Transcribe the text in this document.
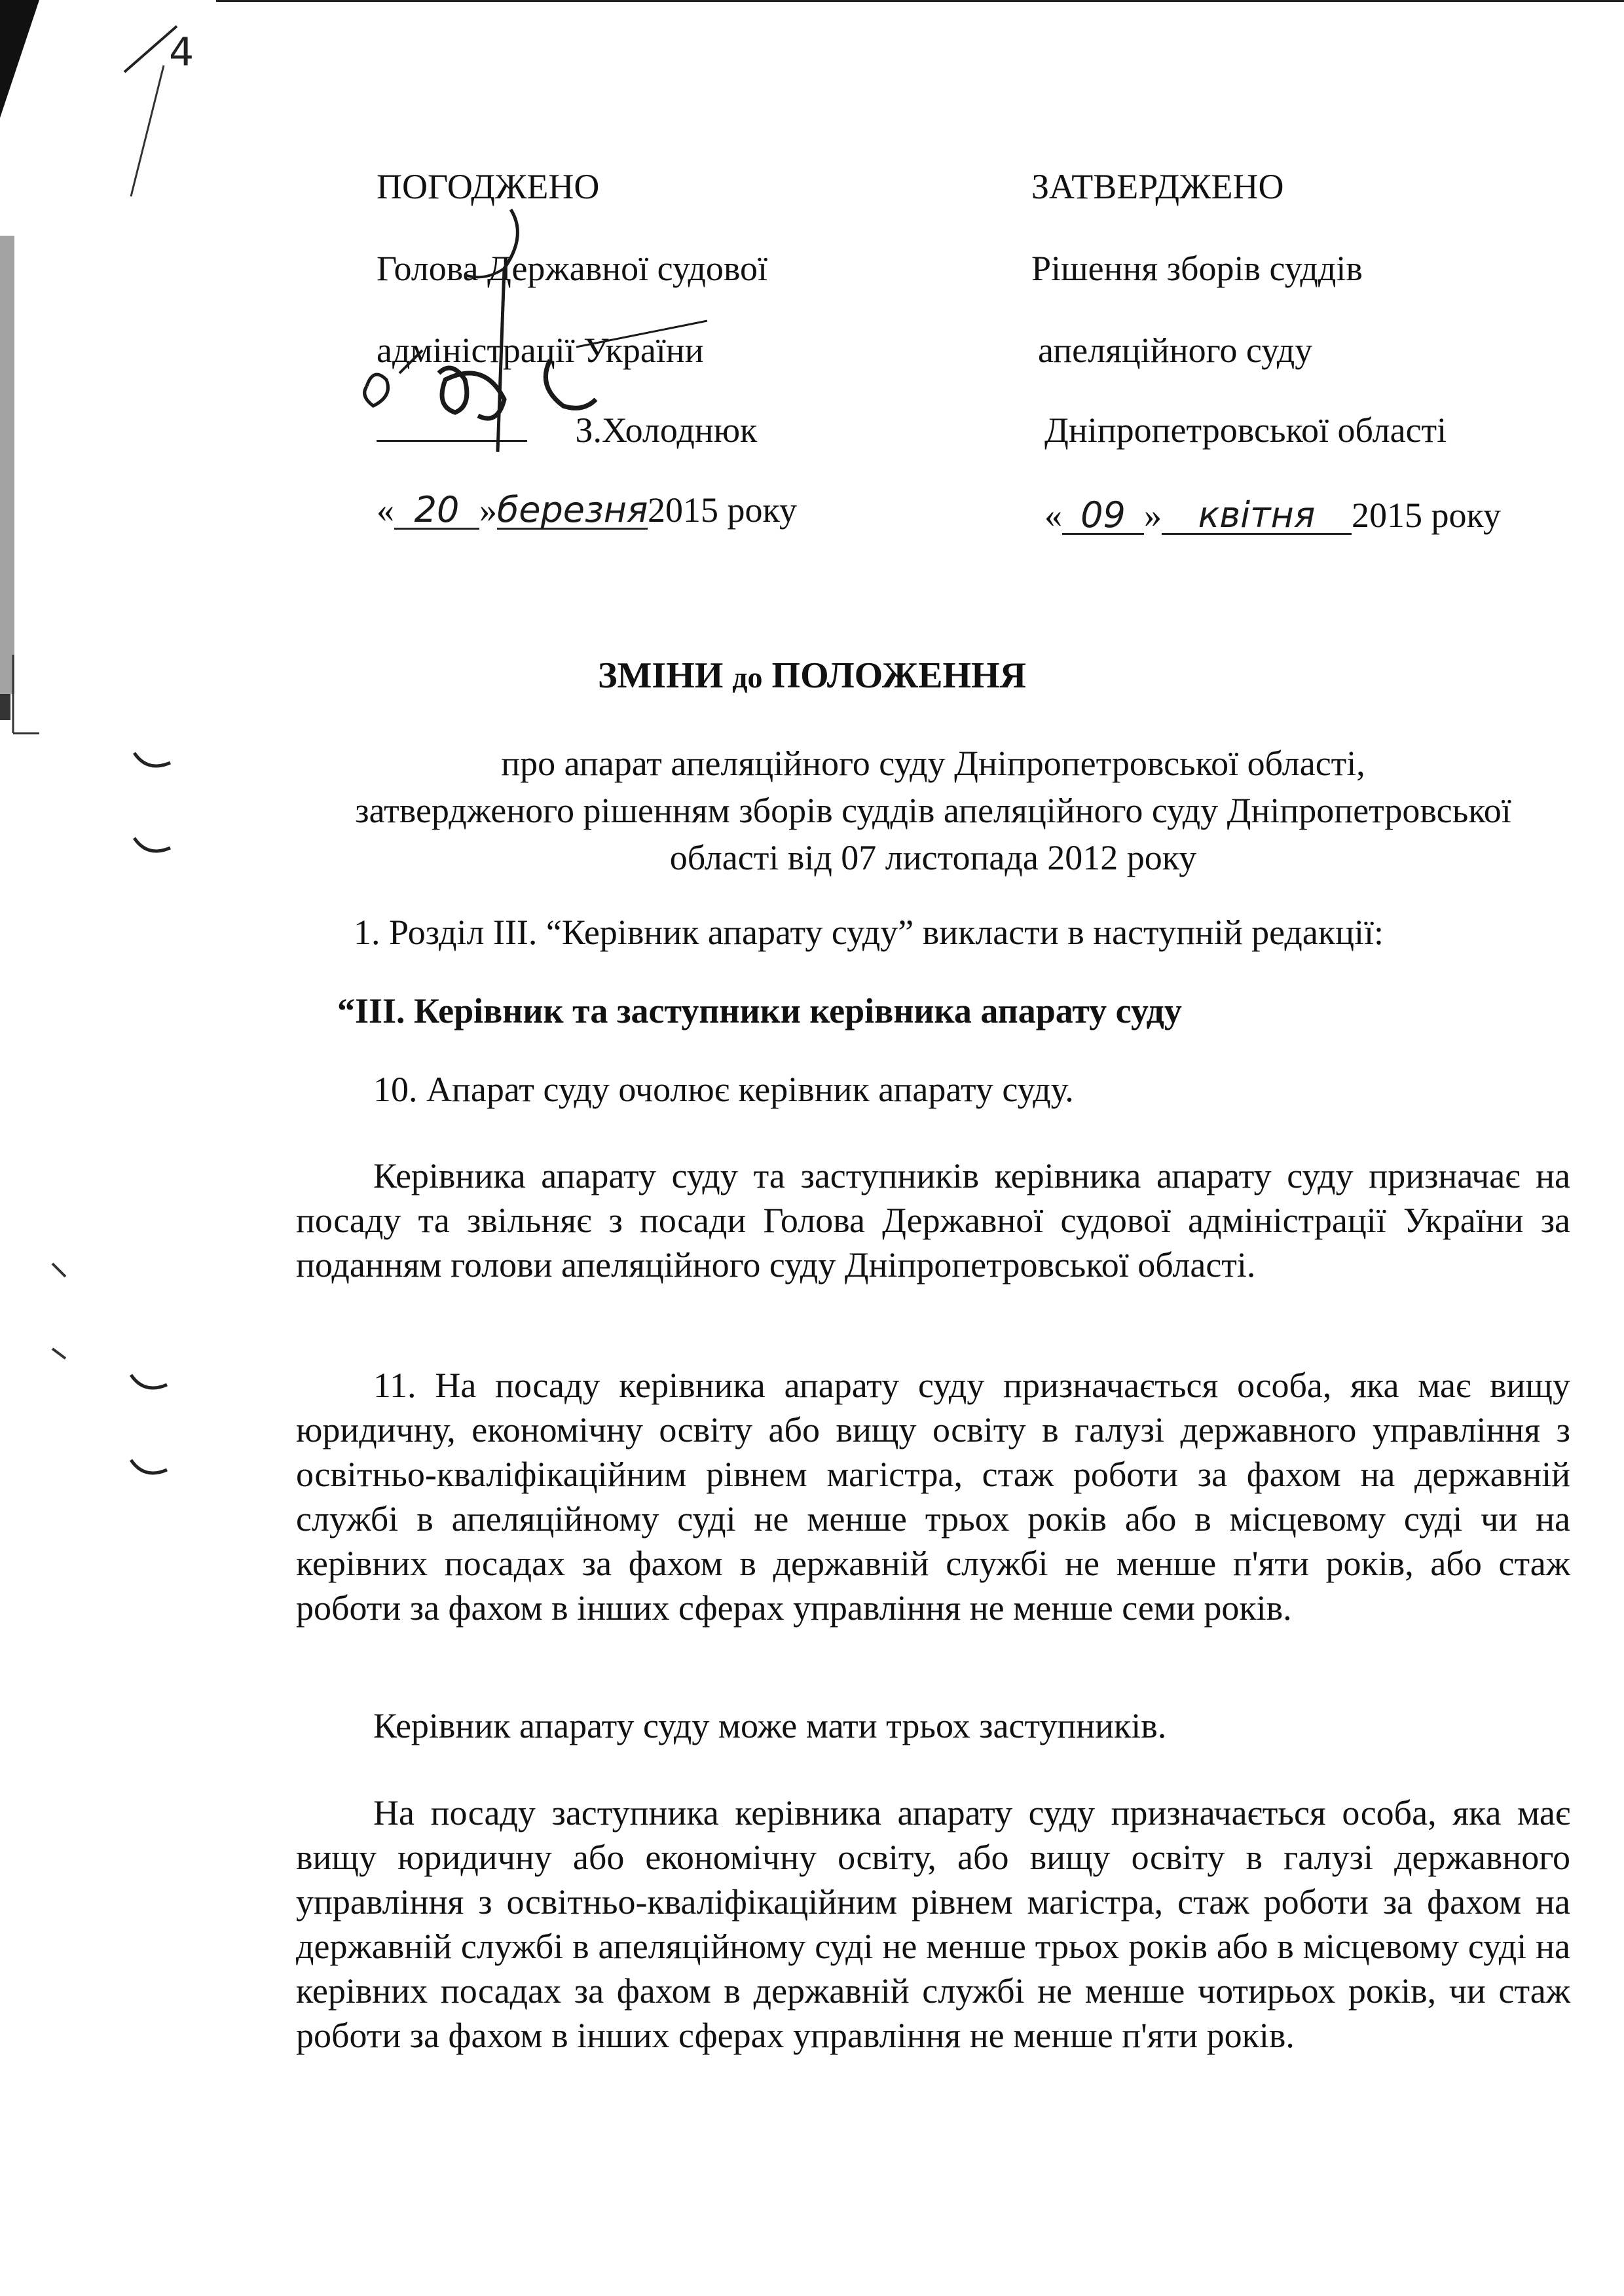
4
ПОГОДЖЕНО
Голова Державної судової
адміністрації України
З.Холоднюк
« 20 »березня2015 року
ЗАТВЕРДЖЕНО
Рішення зборів суддів
апеляційного суду
Дніпропетровської області
« 09 » квітня 2015 року
ЗМІНИ до ПОЛОЖЕННЯ
про апарат апеляційного суду Дніпропетровської області,
затвердженого рішенням зборів суддів апеляційного суду Дніпропетровської
області від 07 листопада 2012 року
1. Розділ III. “Керівник апарату суду” викласти в наступній редакції:
“III. Керівник та заступники керівника апарату суду
10. Апарат суду очолює керівник апарату суду.
Керівника апарату суду та заступників керівника апарату суду призначає на посаду та звільняє з посади Голова Державної судової адміністрації України за поданням голови апеляційного суду Дніпропетровської області.
11. На посаду керівника апарату суду призначається особа, яка має вищу юридичну, економічну освіту або вищу освіту в галузі державного управління з освітньо-кваліфікаційним рівнем магістра, стаж роботи за фахом на державній службі в апеляційному суді не менше трьох років або в місцевому суді чи на керівних посадах за фахом в державній службі не менше п'яти років, або стаж роботи за фахом в інших сферах управління не менше семи років.
Керівник апарату суду може мати трьох заступників.
На посаду заступника керівника апарату суду призначається особа, яка має вищу юридичну або економічну освіту, або вищу освіту в галузі державного управління з освітньо-кваліфікаційним рівнем магістра, стаж роботи за фахом на державній службі в апеляційному суді не менше трьох років або в місцевому суді на керівних посадах за фахом в державній службі не менше чотирьох років, чи стаж роботи за фахом в інших сферах управління не менше п'яти років.
